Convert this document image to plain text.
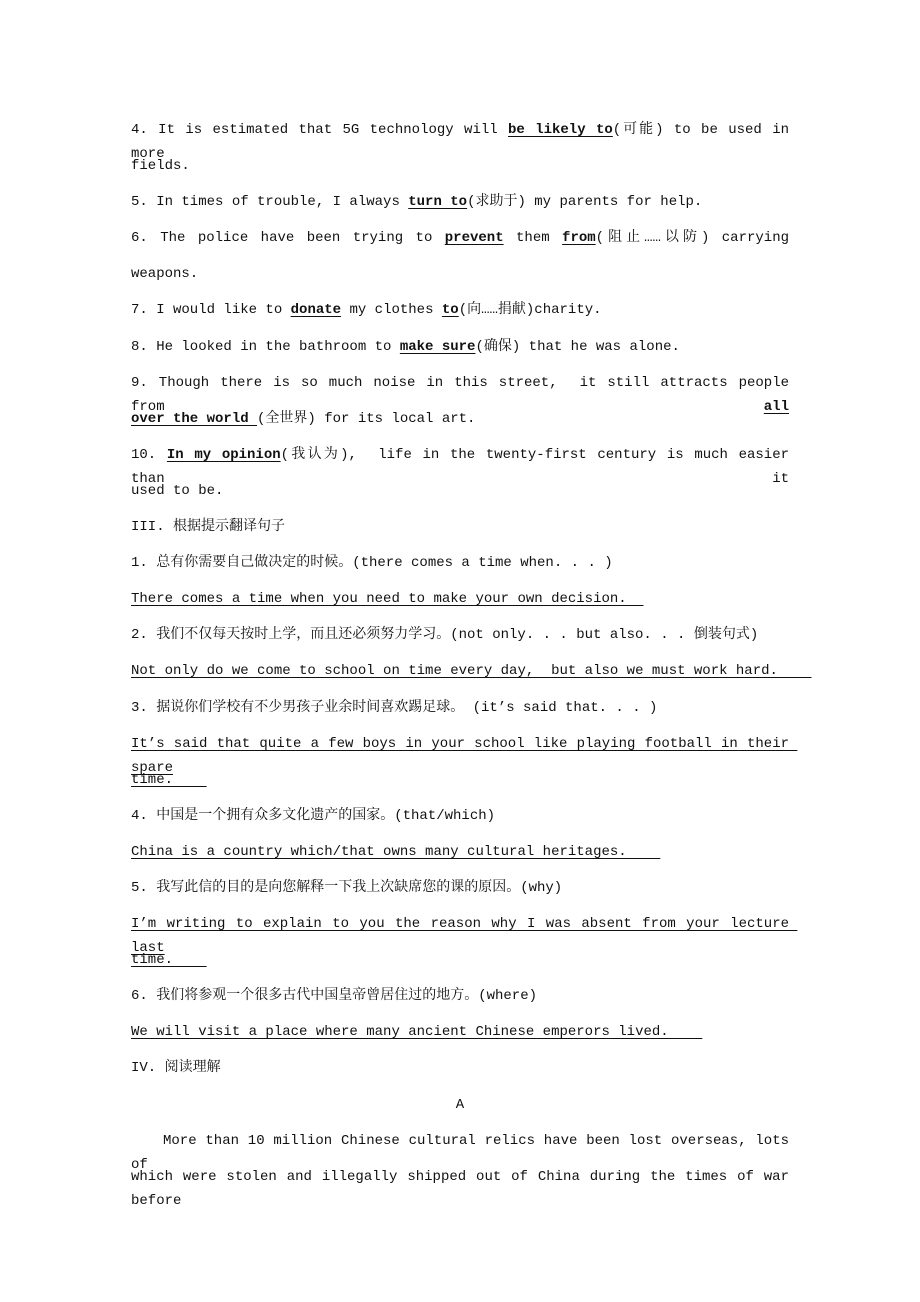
4. It is estimated that 5G technology will be likely to(可能) to be used in more
fields.
5. In times of trouble, I always turn to(求助于) my parents for help.
6. The police have been trying to prevent them from(阻止……以防) carrying
weapons.
7. I would like to donate my clothes to(向……捐献)charity.
8. He looked in the bathroom to make sure(确保) that he was alone.
9. Though there is so much noise in this street,  it still attracts people from all
over the world (全世界) for its local art.
10. In my opinion(我认为),  life in the twenty-first century is much easier than it
used to be.
III. 根据提示翻译句子
1. 总有你需要自己做决定的时候。(there comes a time when. . . )
There comes a time when you need to make your own decision.
2. 我们不仅每天按时上学，而且还必须努力学习。(not only. . . but also. . . 倒装句式)
Not only do we come to school on time every day,  but also we must work hard.
3. 据说你们学校有不少男孩子业余时间喜欢踢足球。 (it’s said that. . . )
It’s said that quite a few boys in your school like playing football in their spare
time.
4. 中国是一个拥有众多文化遗产的国家。(that/which)
China is a country which/that owns many cultural heritages.
5. 我写此信的目的是向您解释一下我上次缺席您的课的原因。(why)
I’m writing to explain to you the reason why I was absent from your lecture last
time.
6. 我们将参观一个很多古代中国皇帝曾居住过的地方。(where)
We will visit a place where many ancient Chinese emperors lived.
IV. 阅读理解
A
More than 10 million Chinese cultural relics have been lost overseas, lots of
which were stolen and illegally shipped out of China during the times of war before
